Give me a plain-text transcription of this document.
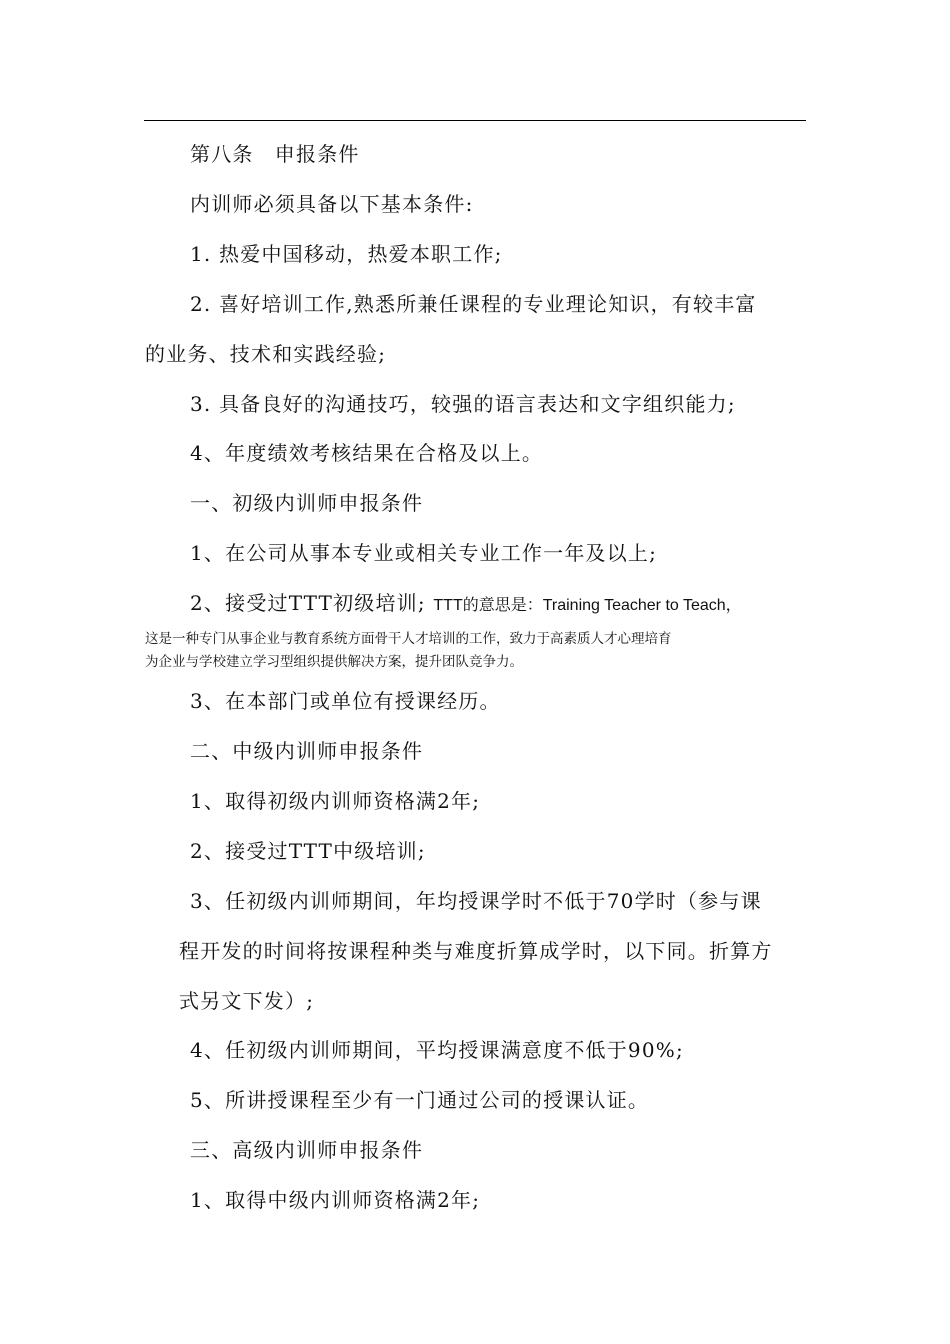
第八条　申报条件
内训师必须具备以下基本条件:
1. 热爱中国移动，热爱本职工作;
2. 喜好培训工作,熟悉所兼任课程的专业理论知识，有较丰富
的业务、技术和实践经验;
3. 具备良好的沟通技巧，较强的语言表达和文字组织能力;
4、年度绩效考核结果在合格及以上。
一、初级内训师申报条件
1、在公司从事本专业或相关专业工作一年及以上;
2、接受过TTT初级培训; TTT的意思是：Training Teacher to Teach，
这是一种专门从事企业与教育系统方面骨干人才培训的工作，致力于高素质人才心理培育
为企业与学校建立学习型组织提供解决方案，提升团队竞争力。
3、在本部门或单位有授课经历。
二、中级内训师申报条件
1、取得初级内训师资格满2年;
2、接受过TTT中级培训;
3、任初级内训师期间，年均授课学时不低于70学时（参与课
程开发的时间将按课程种类与难度折算成学时，以下同。折算方
式另文下发）;
4、任初级内训师期间，平均授课满意度不低于90%;
5、所讲授课程至少有一门通过公司的授课认证。
三、高级内训师申报条件
1、取得中级内训师资格满2年;
